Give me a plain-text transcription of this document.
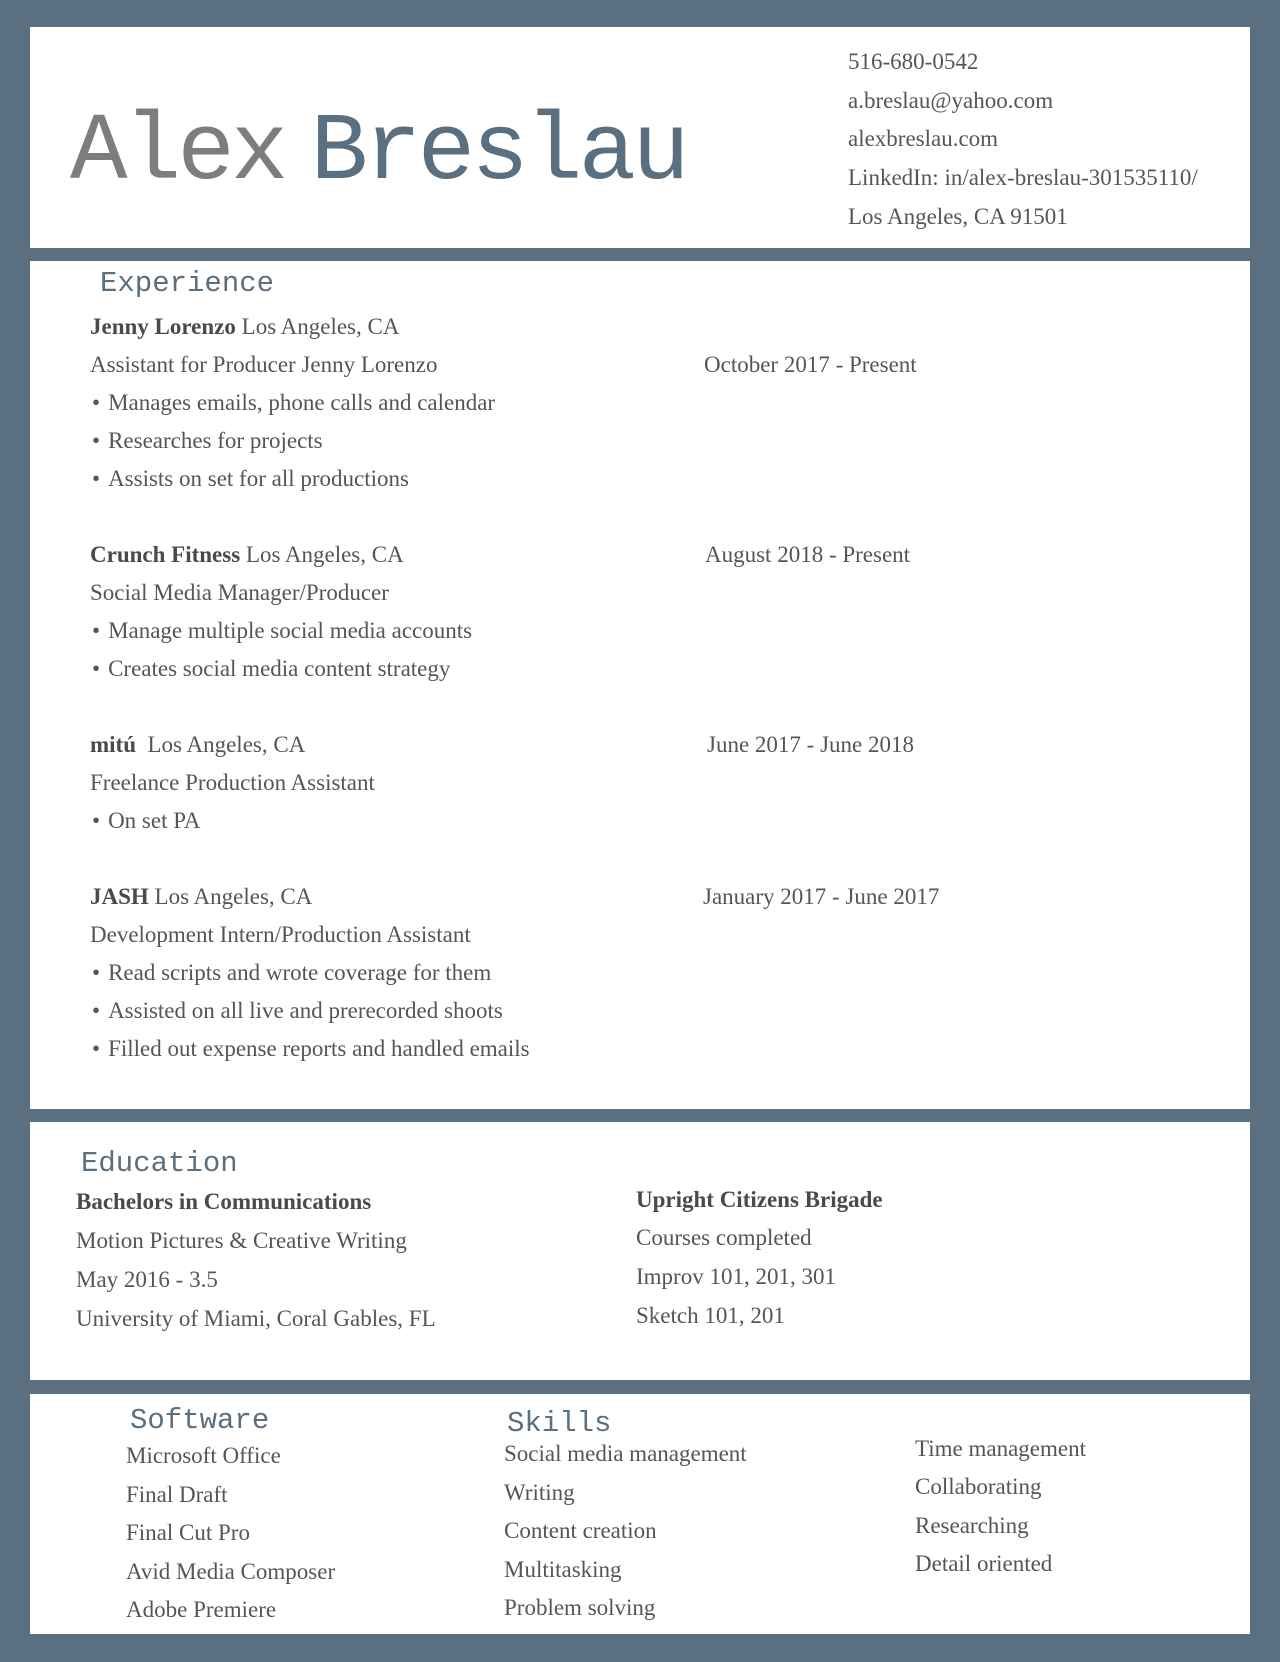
Alex Breslau
516-680-0542
a.breslau@yahoo.com
alexbreslau.com
LinkedIn: in/alex-breslau-301535110/
Los Angeles, CA 91501
Experience
Jenny Lorenzo Los Angeles, CA
Assistant for Producer Jenny Lorenzo	October 2017 - Present
• Manages emails, phone calls and calendar
• Researches for projects
• Assists on set for all productions
Crunch Fitness Los Angeles, CA	August 2018 - Present
Social Media Manager/Producer
• Manage multiple social media accounts
• Creates social media content strategy
mitú Los Angeles, CA	June 2017 - June 2018
Freelance Production Assistant
• On set PA
JASH Los Angeles, CA	January 2017 - June 2017
Development Intern/Production Assistant
• Read scripts and wrote coverage for them
• Assisted on all live and prerecorded shoots
• Filled out expense reports and handled emails
Education
Bachelors in Communications
Motion Pictures & Creative Writing
May 2016 - 3.5
University of Miami, Coral Gables, FL
Upright Citizens Brigade
Courses completed
Improv 101, 201, 301
Sketch 101, 201
Software
Microsoft Office
Final Draft
Final Cut Pro
Avid Media Composer
Adobe Premiere
Skills
Social media management
Writing
Content creation
Multitasking
Problem solving
Time management
Collaborating
Researching
Detail oriented
